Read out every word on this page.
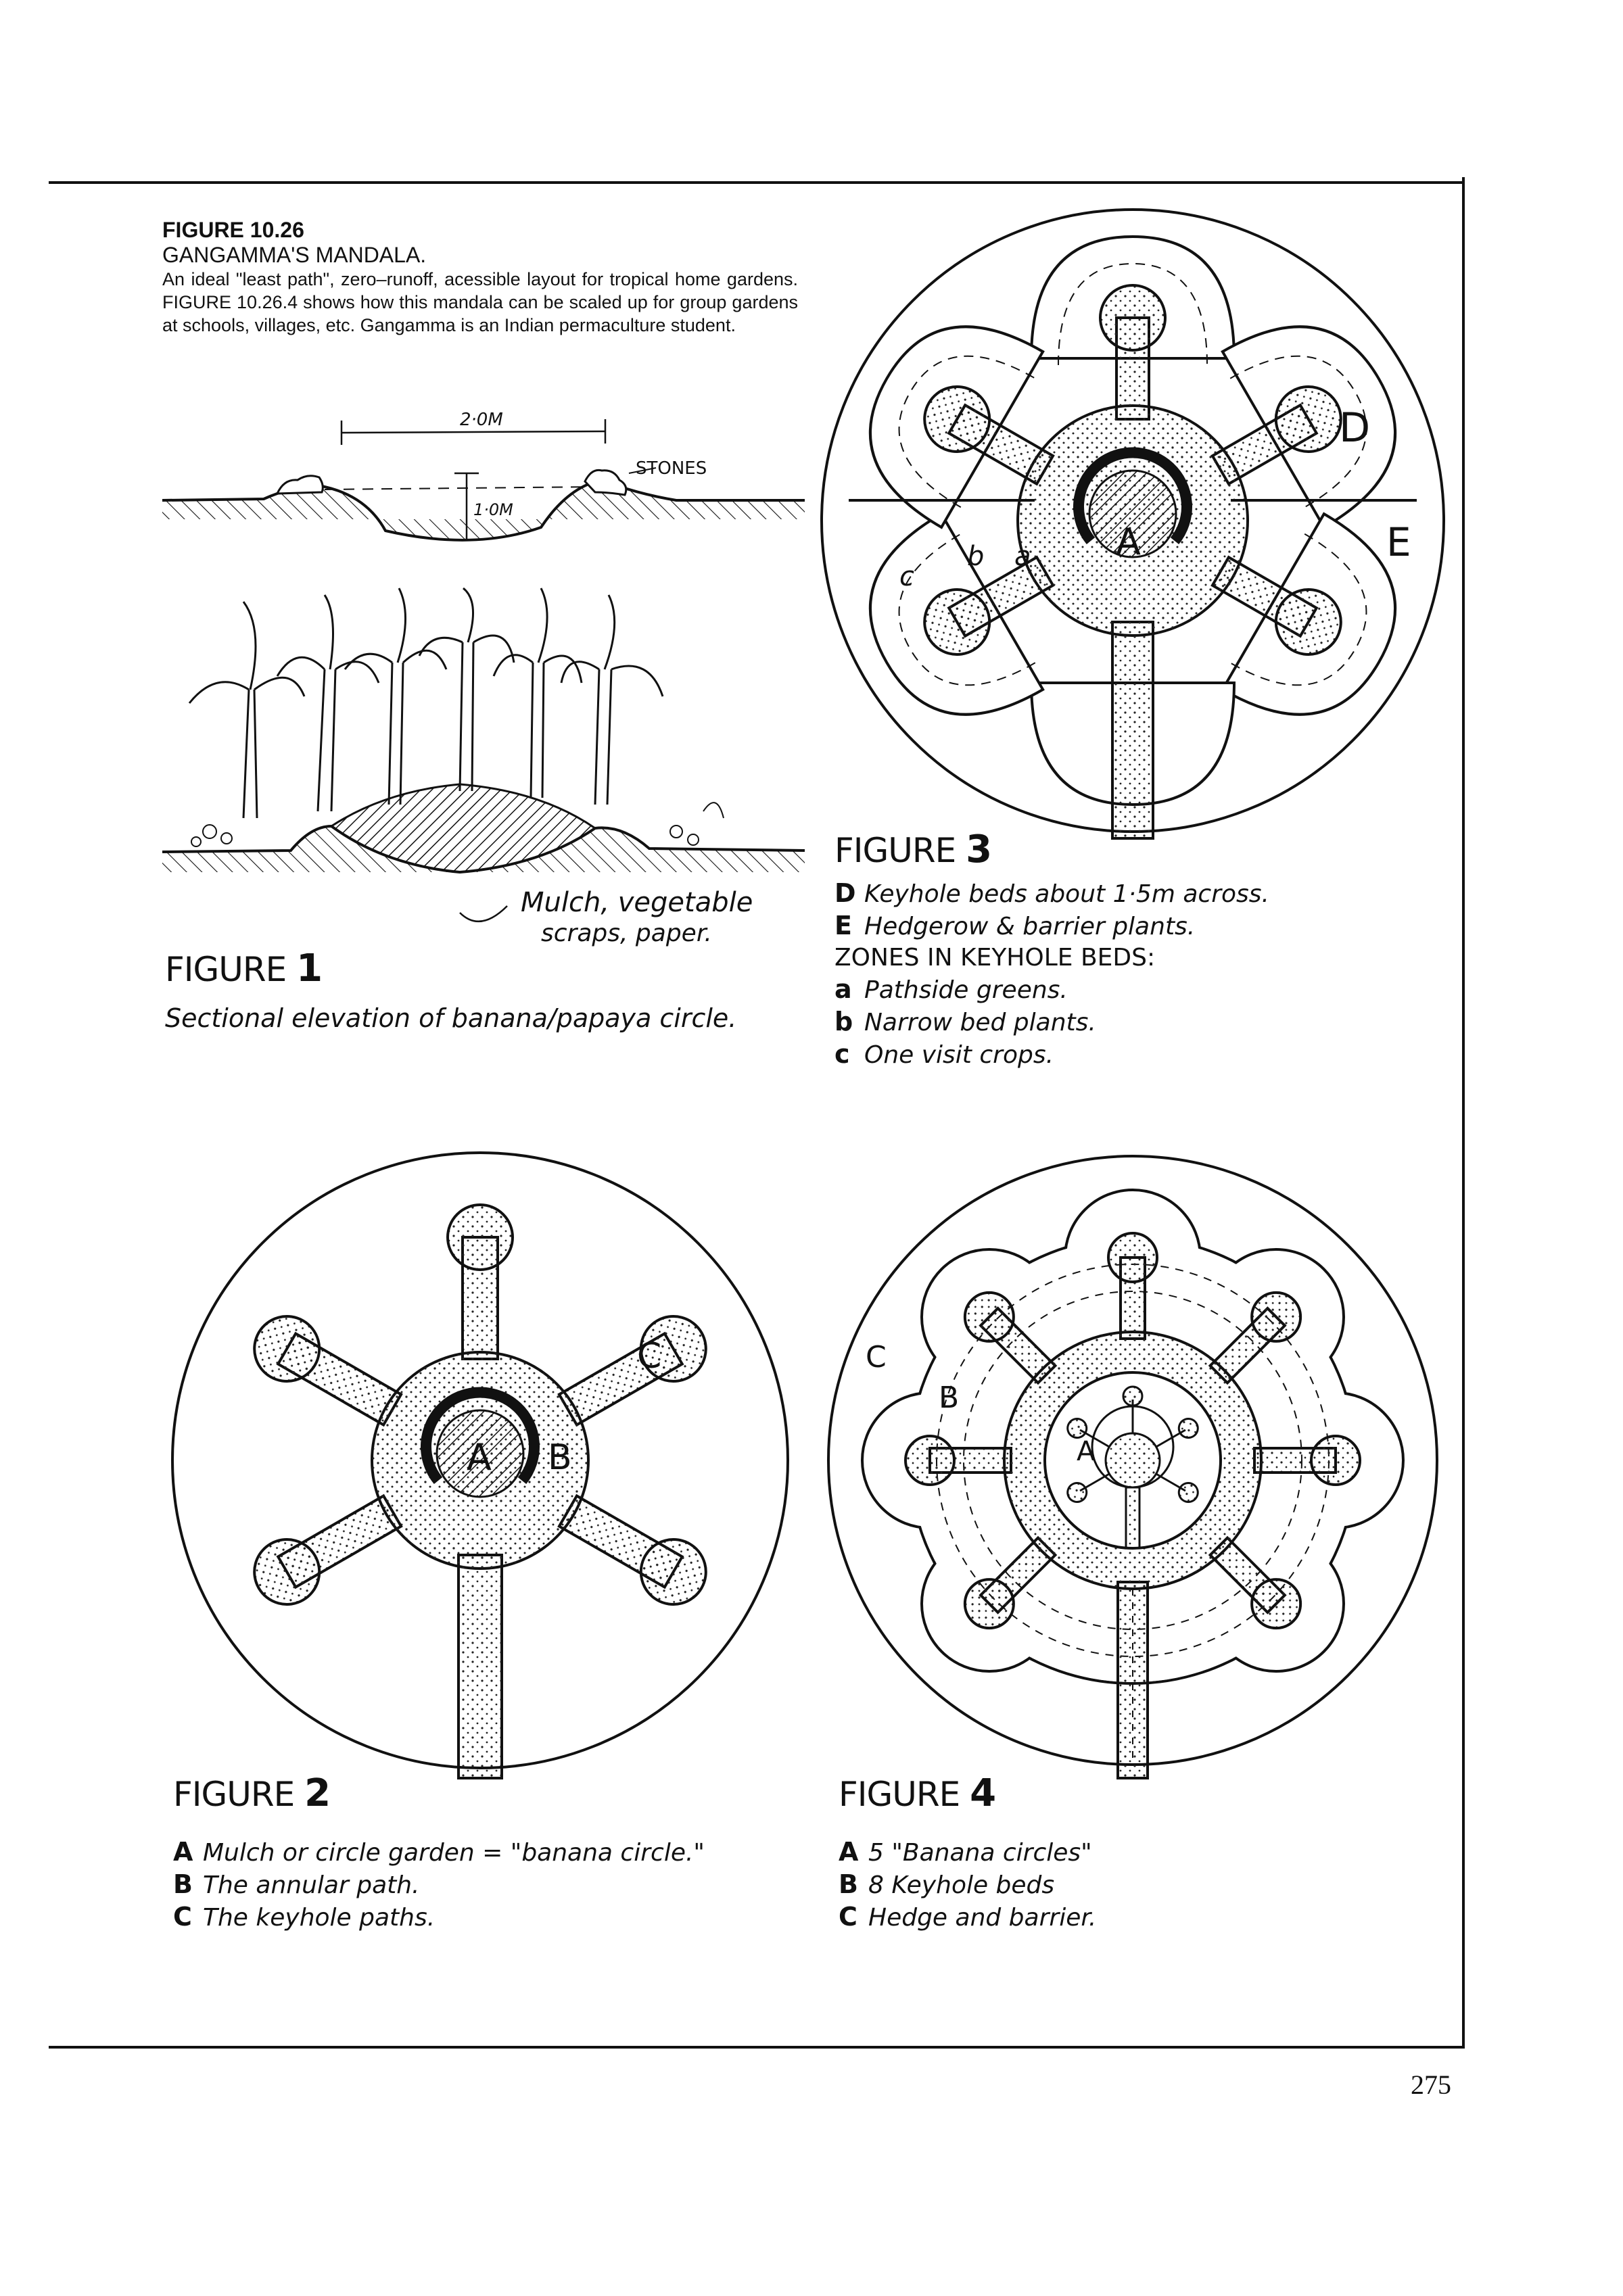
FIGURE 10.26
GANGAMMA'S MANDALA.
An ideal "least path", zero–runoff, acessible layout for tropical home gardens. FIGURE 10.26.4 shows how this mandala can be scaled up for group gardens at schools, villages, etc. Gangamma is an Indian permaculture student.
2·0M
1·0M
STONES
Mulch, vegetable
scraps, paper.
FIGURE 1
Sectional elevation of banana/papaya circle.
A
D
E
a
b
c
FIGURE 3
D Keyhole beds about 1·5m across.
E Hedgerow & barrier plants.
ZONES IN KEYHOLE BEDS:
a Pathside greens.
b Narrow bed plants.
c One visit crops.
A B
C
FIGURE 2
A Mulch or circle garden = "banana circle."
B The annular path.
C The keyhole paths.
A
B
C
FIGURE 4
A 5 "Banana circles"
B 8 Keyhole beds
C Hedge and barrier.
275
